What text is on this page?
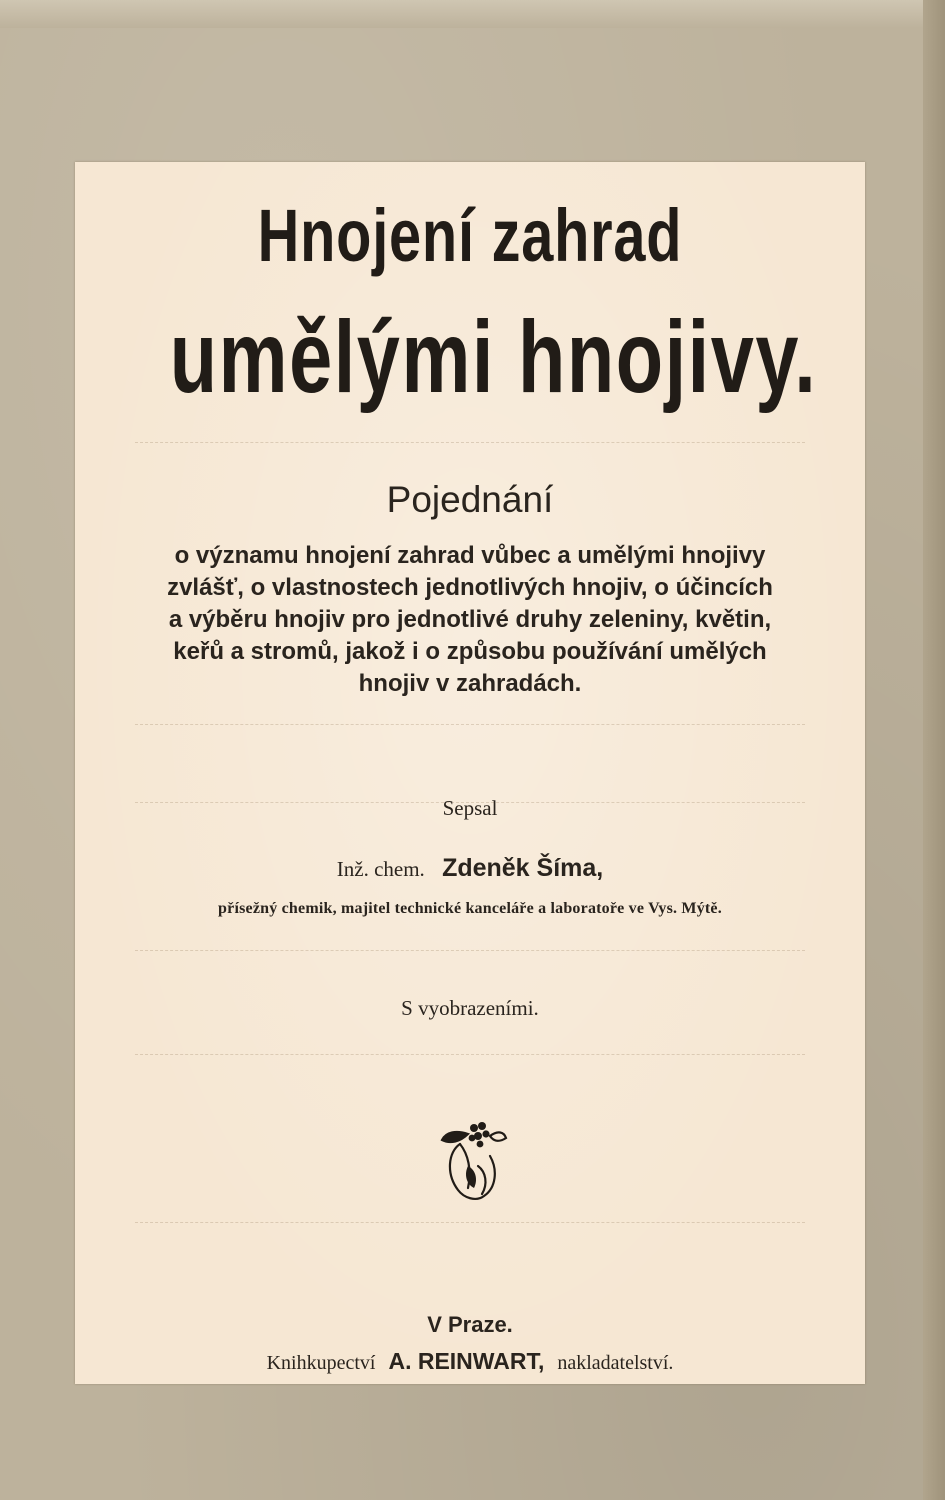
Hnojení zahrad
umělými hnojivy.
Pojednání
o významu hnojení zahrad vůbec a umělými hnojivy
zvlášť, o vlastnostech jednotlivých hnojiv, o účincích
a výběru hnojiv pro jednotlivé druhy zeleniny, květin,
keřů a stromů, jakož i o způsobu používání umělých
hnojiv v zahradách.
Sepsal
Inž. chem. Zdeněk Šíma,
přísežný chemik, majitel technické kanceláře a laboratoře ve Vys. Mýtě.
S vyobrazeními.
V Praze.
Knihkupectví A. REINWART, nakladatelství.
